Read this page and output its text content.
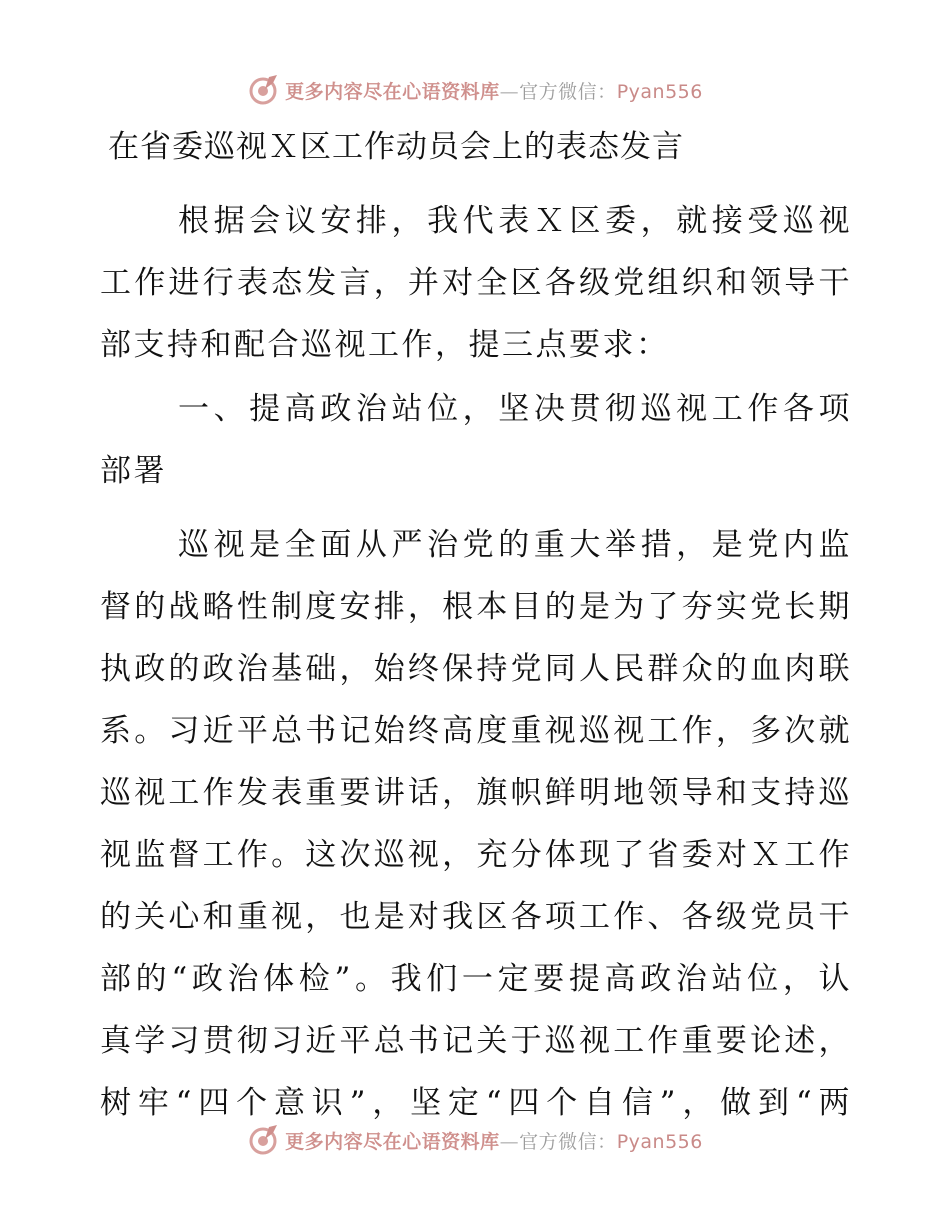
更多内容尽在心语资料库—官方微信：Pyan556
在省委巡视Ｘ区工作动员会上的表态发言
根据会议安排，我代表Ｘ区委，就接受巡视
工作进行表态发言，并对全区各级党组织和领导干
部支持和配合巡视工作，提三点要求：
一、提高政治站位，坚决贯彻巡视工作各项
部署
巡视是全面从严治党的重大举措，是党内监
督的战略性制度安排，根本目的是为了夯实党长期
执政的政治基础，始终保持党同人民群众的血肉联
系。习近平总书记始终高度重视巡视工作，多次就
巡视工作发表重要讲话，旗帜鲜明地领导和支持巡
视监督工作。这次巡视，充分体现了省委对Ｘ工作
的关心和重视，也是对我区各项工作、各级党员干
部的“政治体检”。我们一定要提高政治站位，认
真学习贯彻习近平总书记关于巡视工作重要论述，
树牢“四个意识”，坚定“四个自信”，做到“两
更多内容尽在心语资料库—官方微信：Pyan556
